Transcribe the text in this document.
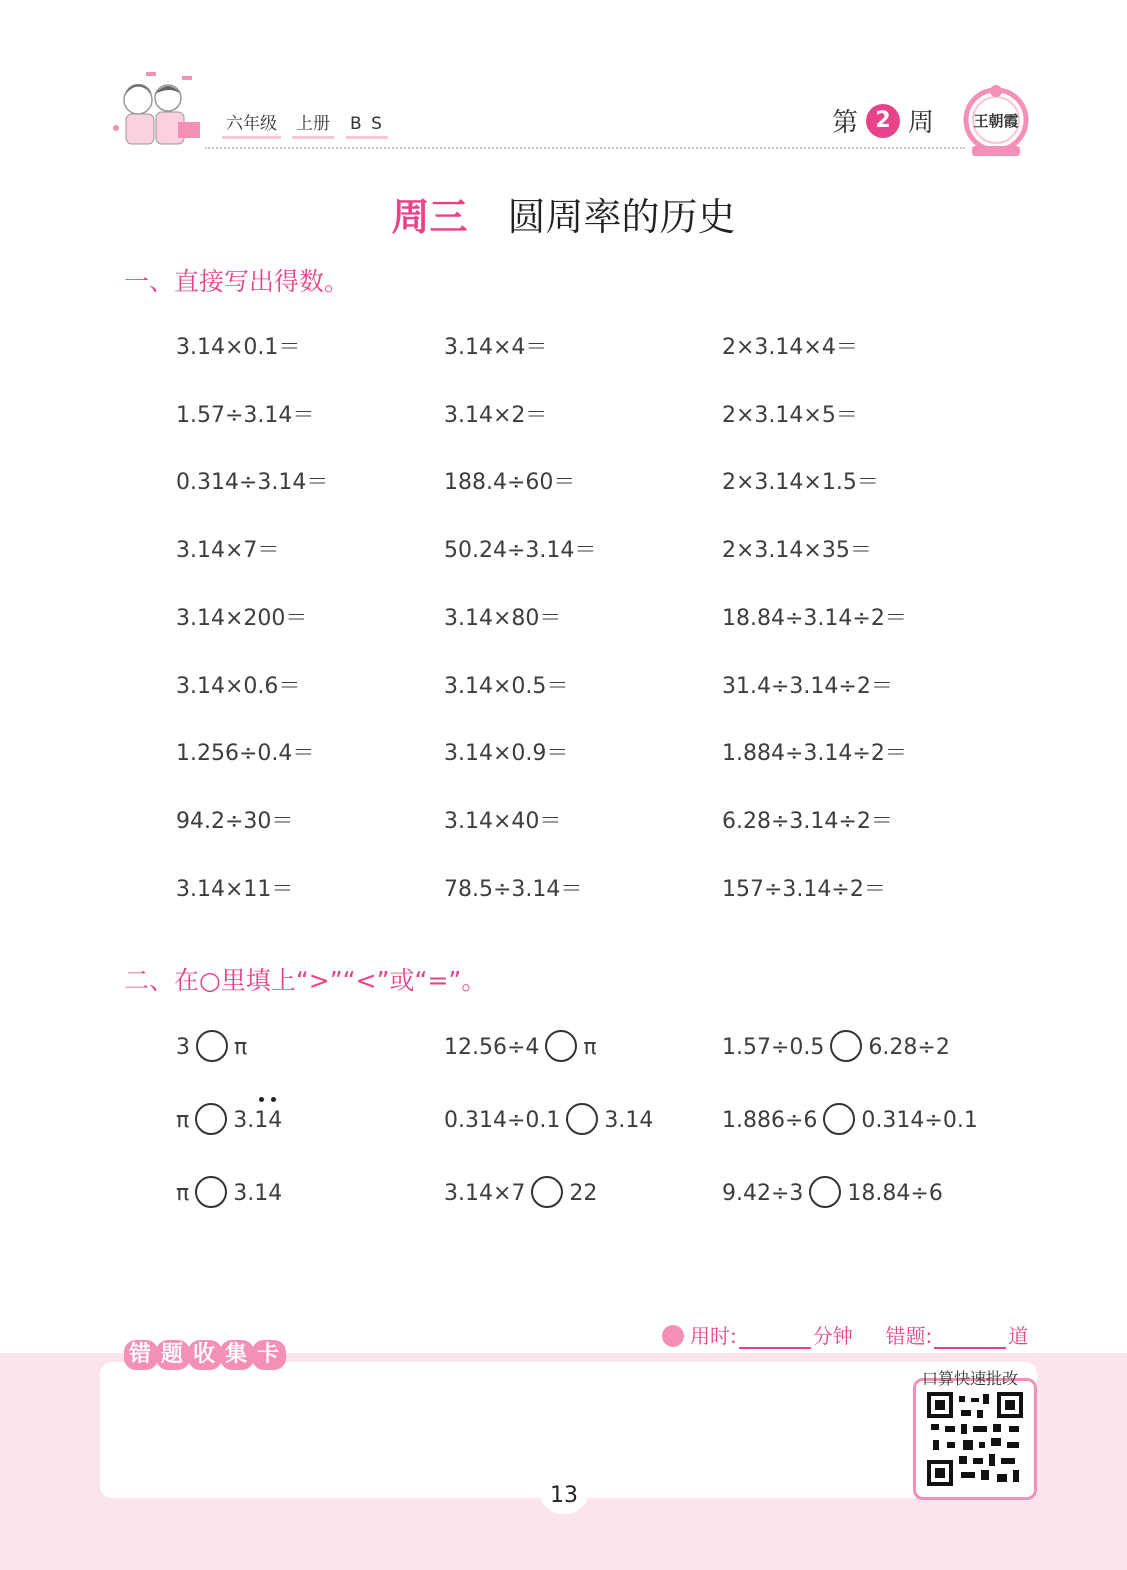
六年级 上册 B S	第 2 周	王朝霞
周三 圆周率的历史
一、直接写出得数。
3.14×0.1＝	3.14×4＝	2×3.14×4＝
1.57÷3.14＝	3.14×2＝	2×3.14×5＝
0.314÷3.14＝	188.4÷60＝	2×3.14×1.5＝
3.14×7＝	50.24÷3.14＝	2×3.14×35＝
3.14×200＝	3.14×80＝	18.84÷3.14÷2＝
3.14×0.6＝	3.14×0.5＝	31.4÷3.14÷2＝
1.256÷0.4＝	3.14×0.9＝	1.884÷3.14÷2＝
94.2÷30＝	3.14×40＝	6.28÷3.14÷2＝
3.14×11＝	78.5÷3.14＝	157÷3.14÷2＝
二、在○里填上“>”“<”或“=”。
3 π	12.56÷4 π	1.57÷0.5 6.28÷2
π 3.14	0.314÷0.1 3.14	1.886÷6 0.314÷0.1
π 3.14	3.14×7 22	9.42÷3 18.84÷6
用时:	分钟 错题:	道
错 题 收 集 卡
口算快速批改
13
